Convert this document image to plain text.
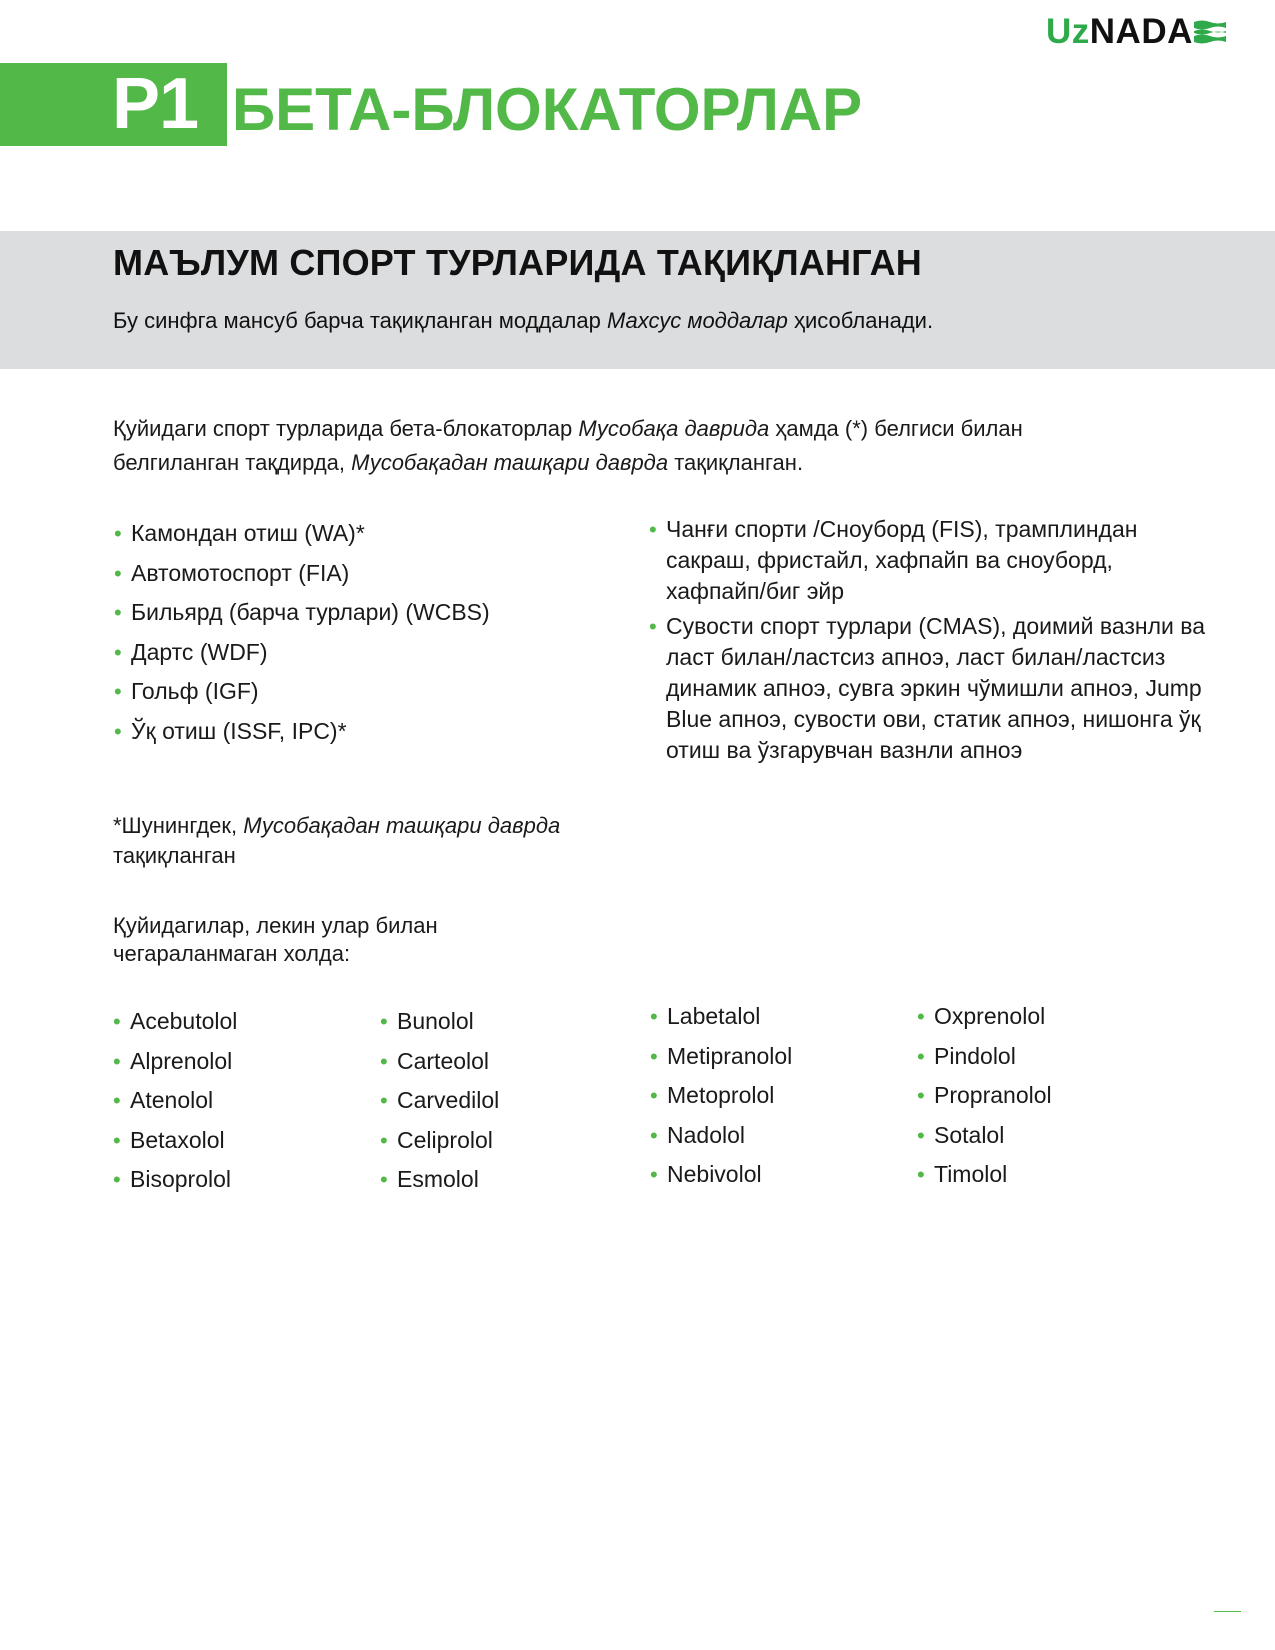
Uz NADA
P1 БЕТА-БЛОКАТОРЛАР
МАЪЛУМ СПОРТ ТУРЛАРИДА ТАҚИҚЛАНГАН
Бу синфга мансуб барча тақиқланган моддалар Махсус моддалар ҳисобланади.
Қуйидаги спорт турларида бета-блокаторлар Мусобақа даврида ҳамда (*) белгиси билан белгиланган тақдирда, Мусобақадан ташқари даврда тақиқланган.
• Камондан отиш (WA)*
• Автомотоспорт (FIA)
• Бильярд (барча турлари) (WCBS)
• Дартс (WDF)
• Гольф (IGF)
• Ўқ отиш (ISSF, IPC)*
• Чанғи спорти /Сноуборд (FIS), трамплиндан сакраш, фристайл, хафпайп ва сноуборд, хафпайп/биг эйр
• Сувости спорт турлари (CMAS), доимий вазнли ва ласт билан/ластсиз апноэ, ласт билан/ластсиз динамик апноэ, сувга эркин чўмишли апноэ, Jump Blue апноэ, сувости ови, статик апноэ, нишонга ўқ отиш ва ўзгарувчан вазнли апноэ
*Шунингдек, Мусобақадан ташқари даврда тақиқланган
Қуйидагилар, лекин улар билан чегараланмаган холда:
• Acebutolol
• Alprenolol
• Atenolol
• Betaxolol
• Bisoprolol
• Bunolol
• Carteolol
• Carvedilol
• Celiprolol
• Esmolol
• Labetalol
• Metipranolol
• Metoprolol
• Nadolol
• Nebivolol
• Oxprenolol
• Pindolol
• Propranolol
• Sotalol
• Timolol
